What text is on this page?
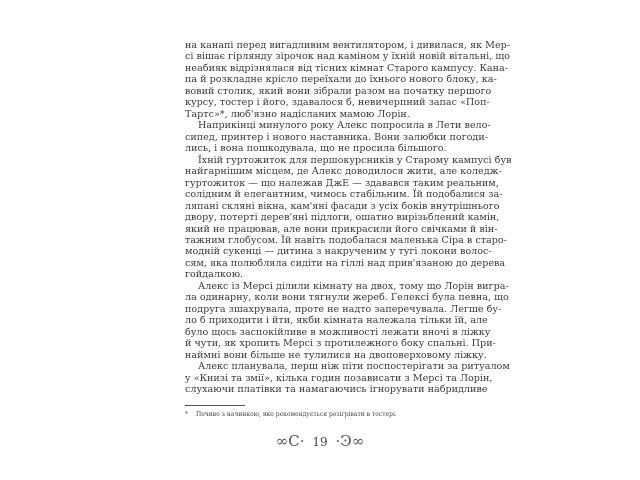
на канапі перед вигадливим вентилятором, і дивилася, як Мер-
сі вішає гірлянду зірочок над каміном у їхній новій вітальні, що
неабияк відрізнялася від тісних кімнат Старого кампусу. Кана-
па й розкладне крісло переїхали до їхнього нового блоку, ка-
вовий столик, який вони зібрали разом на початку першого
курсу, тостер і його, здавалося б, невичерпний запас «Поп-
Тартс»*, люб'язно надісланих мамою Лорін.
Наприкінці минулого року Алекс попросила в Лети вело-
сипед, принтер і нового наставника. Вони залюбки погоди-
лись, і вона пошкодувала, що не просила більшого.
Їхній гуртожиток для першокурсників у Старому кампусі був
найгарнішим місцем, де Алекс доводилося жити, але коледж-
гуртожиток — що належав ДжЕ — здавався таким реальним,
солідним й елегантним, чимось стабільним. Їй подобалися за-
ляпані скляні вікна, кам'яні фасади з усіх боків внутрішнього
двору, потерті дерев'яні підлоги, ошатно вирізьблений камін,
який не працював, але вони прикрасили його свічками й він-
тажним глобусом. Їй навіть подобалася маленька Сіра в старо-
модній сукенці — дитина з накрученим у тугі локони волос-
сям, яка полюбляла сидіти на гіллі над прив'язаною до дерева
гойдалкою.
Алекс із Мерсі ділили кімнату на двох, тому що Лорін вигра-
ла одинарну, коли вони тягнули жереб. Гелексі була певна, що
подруга зшахрувала, проте не надто заперечувала. Легше бу-
ло б приходити і йти, якби кімната належала тільки їй, але
було щось заспокійливе в можливості лежати вночі в ліжку
й чути, як хропить Мерсі з протилежного боку спальні. При-
наймні вони більше не тулилися на двоповерховому ліжку.
Алекс планувала, перш ніж піти поспостерігати за ритуалом
у «Книзі та змії», кілька годин позависати з Мерсі та Лорін,
слухаючи платівки та намагаючись ігнорувати набридливе
* Печиво з начинкою, яке рекомендується розігрівати в тостері.
∞C· 19 ·Ͽ∞
